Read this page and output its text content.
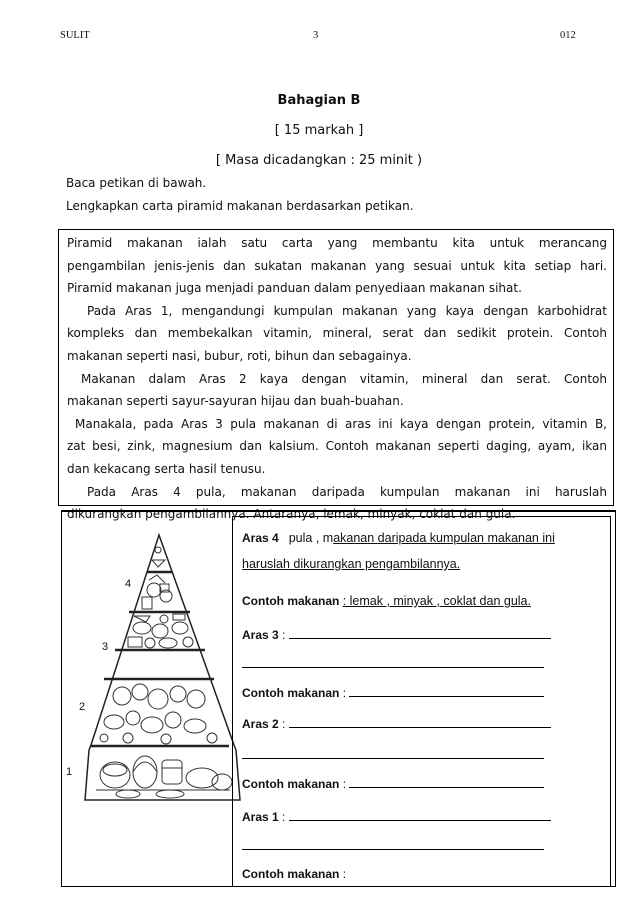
SULIT	3	012
Bahagian B
[ 15 markah ]
[ Masa dicadangkan : 25 minit )
Baca petikan di bawah.
Lengkapkan carta piramid makanan berdasarkan petikan.
Piramid makanan ialah satu carta yang membantu kita untuk merancang
pengambilan jenis-jenis dan sukatan makanan yang sesuai untuk kita setiap hari.
Piramid makanan juga menjadi panduan dalam penyediaan makanan sihat.
Pada Aras 1, mengandungi kumpulan makanan yang kaya dengan karbohidrat
kompleks dan membekalkan vitamin, mineral, serat dan sedikit protein. Contoh
makanan seperti nasi, bubur, roti, bihun dan sebagainya.
Makanan dalam Aras 2 kaya dengan vitamin, mineral dan serat. Contoh
makanan seperti sayur-sayuran hijau dan buah-buahan.
Manakala, pada Aras 3 pula makanan di aras ini kaya dengan protein, vitamin B,
zat besi, zink, magnesium dan kalsium. Contoh makanan seperti daging, ayam, ikan
dan kekacang serta hasil tenusu.
Pada Aras 4 pula, makanan daripada kumpulan makanan ini haruslah
dikurangkan pengambilannya. Antaranya, lemak, minyak, coklat dan gula.
4
3
2
1
Aras 4 pula , makanan daripada kumpulan makanan ini
haruslah dikurangkan pengambilannya.
Contoh makanan : lemak , minyak , coklat dan gula.
Aras 3 :
Contoh makanan :
Aras 2 :
Contoh makanan :
Aras 1 :
Contoh makanan :
